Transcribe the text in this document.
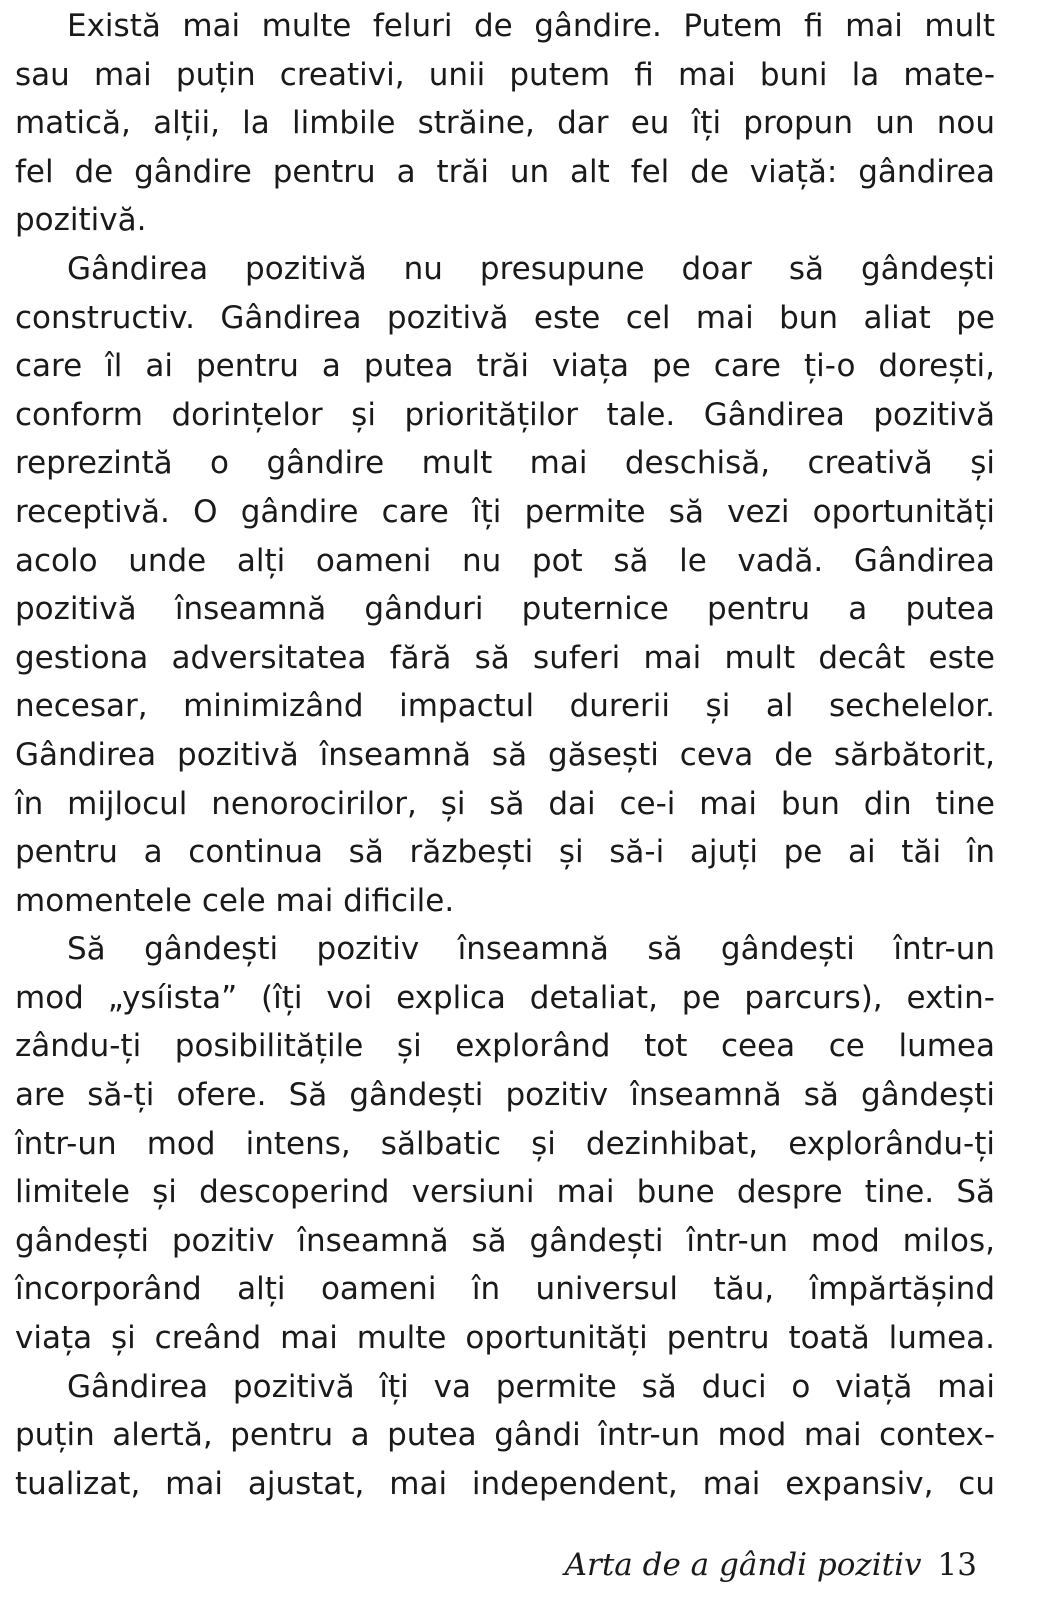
Există mai multe feluri de gândire. Putem fi mai mult
sau mai puțin creativi, unii putem fi mai buni la mate-
matică, alții, la limbile străine, dar eu îți propun un nou
fel de gândire pentru a trăi un alt fel de viață: gândirea
pozitivă.
Gândirea pozitivă nu presupune doar să gândești
constructiv. Gândirea pozitivă este cel mai bun aliat pe
care îl ai pentru a putea trăi viața pe care ți-o dorești,
conform dorințelor și priorităților tale. Gândirea pozitivă
reprezintă o gândire mult mai deschisă, creativă și
receptivă. O gândire care îți permite să vezi oportunități
acolo unde alți oameni nu pot să le vadă. Gândirea
pozitivă înseamnă gânduri puternice pentru a putea
gestiona adversitatea fără să suferi mai mult decât este
necesar, minimizând impactul durerii și al sechelelor.
Gândirea pozitivă înseamnă să găsești ceva de sărbătorit,
în mijlocul nenorocirilor, și să dai ce-i mai bun din tine
pentru a continua să răzbești și să-i ajuți pe ai tăi în
momentele cele mai dificile.
Să gândești pozitiv înseamnă să gândești într-un
mod „ysíista” (îți voi explica detaliat, pe parcurs), extin-
zându-ți posibilitățile și explorând tot ceea ce lumea
are să-ți ofere. Să gândești pozitiv înseamnă să gândești
într-un mod intens, sălbatic și dezinhibat, explorându-ți
limitele și descoperind versiuni mai bune despre tine. Să
gândești pozitiv înseamnă să gândești într-un mod milos,
încorporând alți oameni în universul tău, împărtășind
viața și creând mai multe oportunități pentru toată lumea.
Gândirea pozitivă îți va permite să duci o viață mai
puțin alertă, pentru a putea gândi într-un mod mai contex-
tualizat, mai ajustat, mai independent, mai expansiv, cu
Arta de a gândi pozitiv 13
